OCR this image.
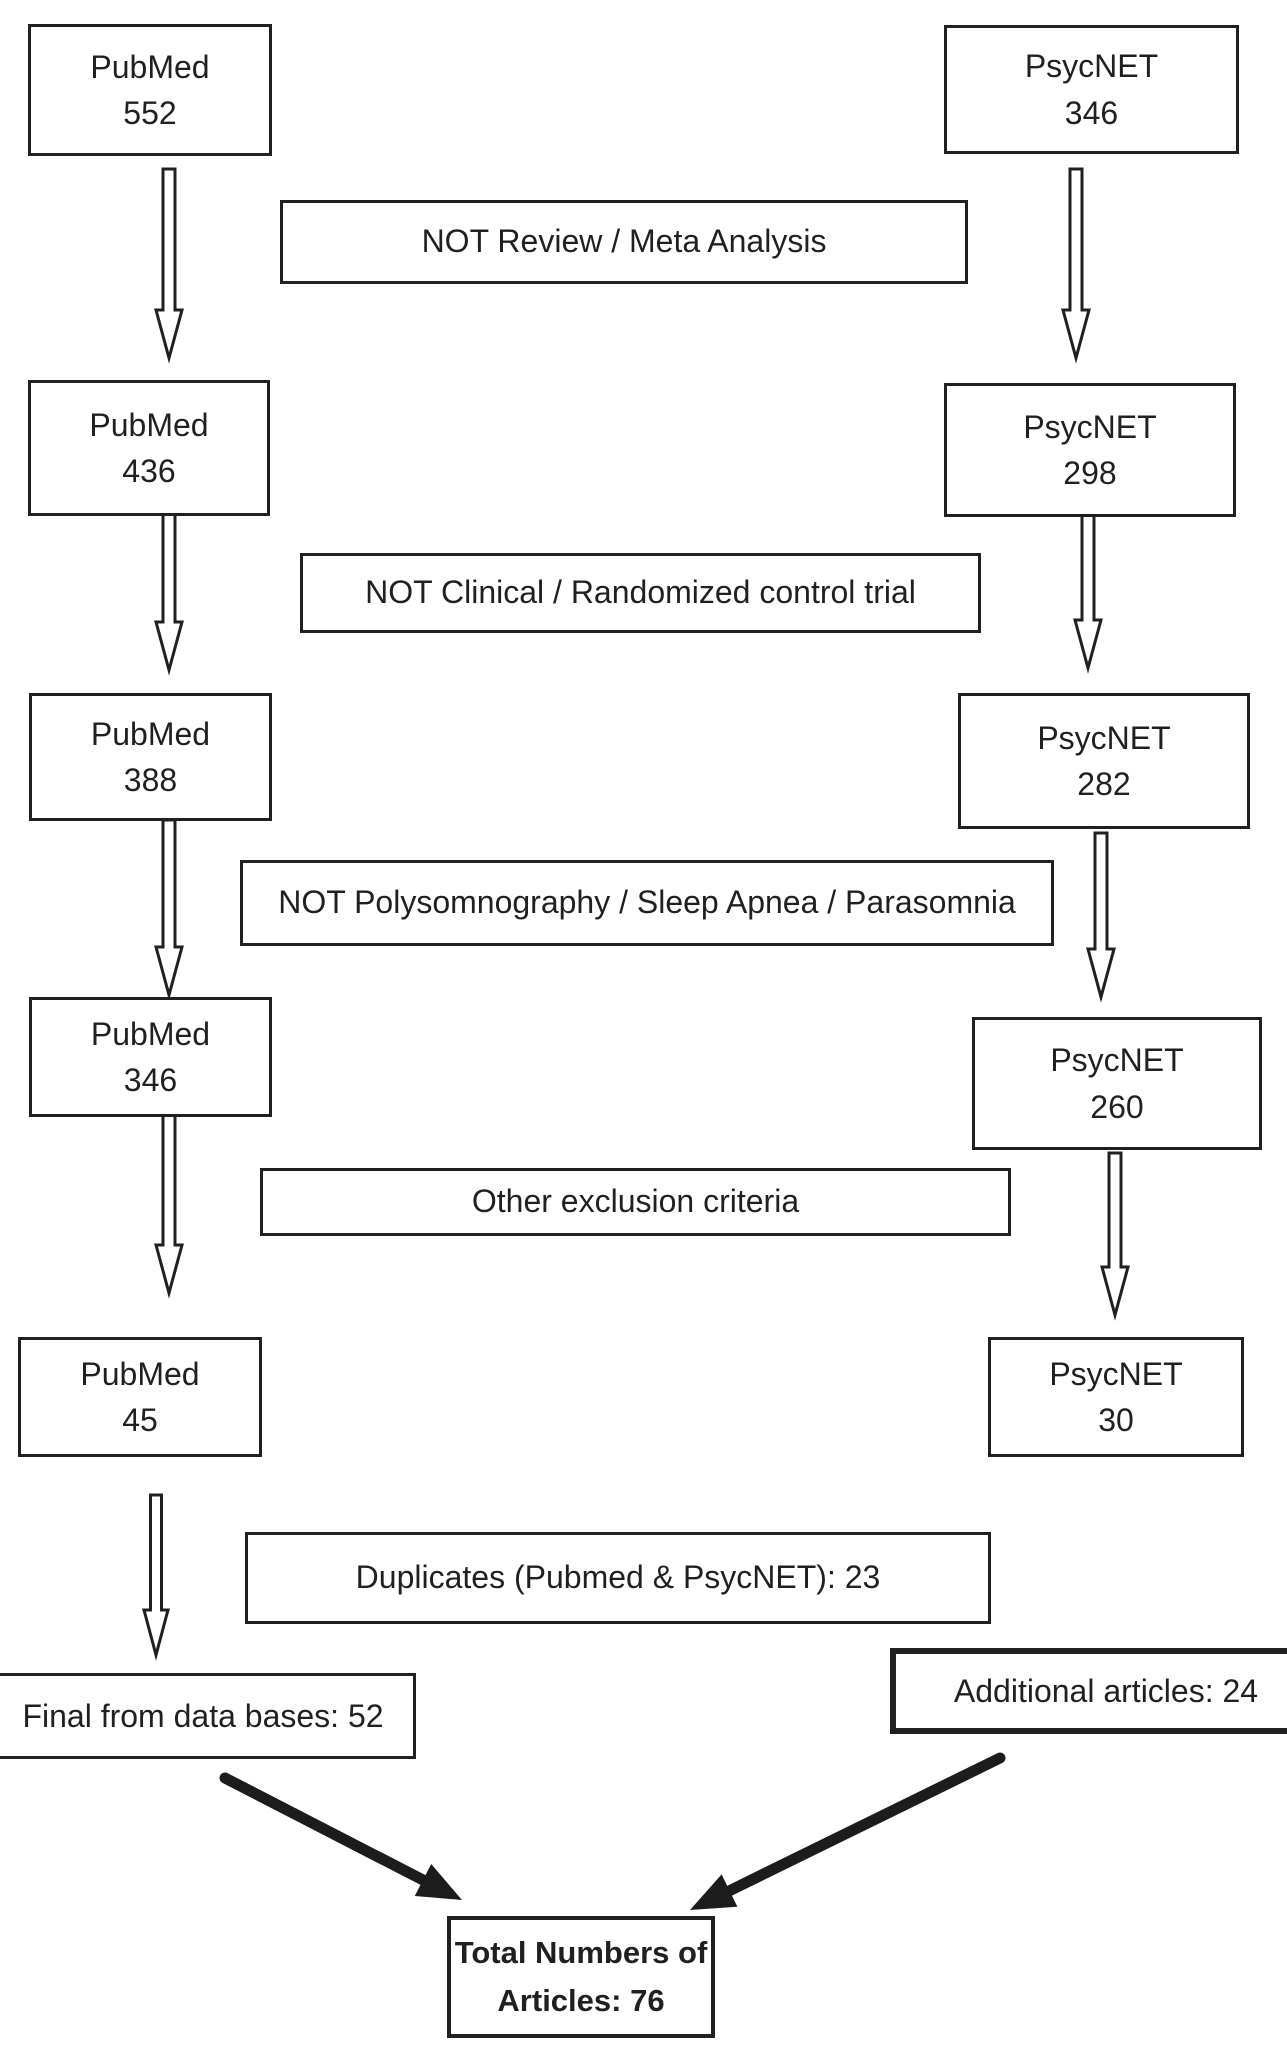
PubMed
552
PubMed
436
PubMed
388
PubMed
346
PubMed
45
PsycNET
346
PsycNET
298
PsycNET
282
PsycNET
260
PsycNET
30
NOT Review / Meta Analysis
NOT Clinical / Randomized control trial
NOT Polysomnography / Sleep Apnea / Parasomnia
Other exclusion criteria
Duplicates (Pubmed & PsycNET): 23
Final from data bases: 52
Additional articles: 24
Total Numbers of
Articles: 76
